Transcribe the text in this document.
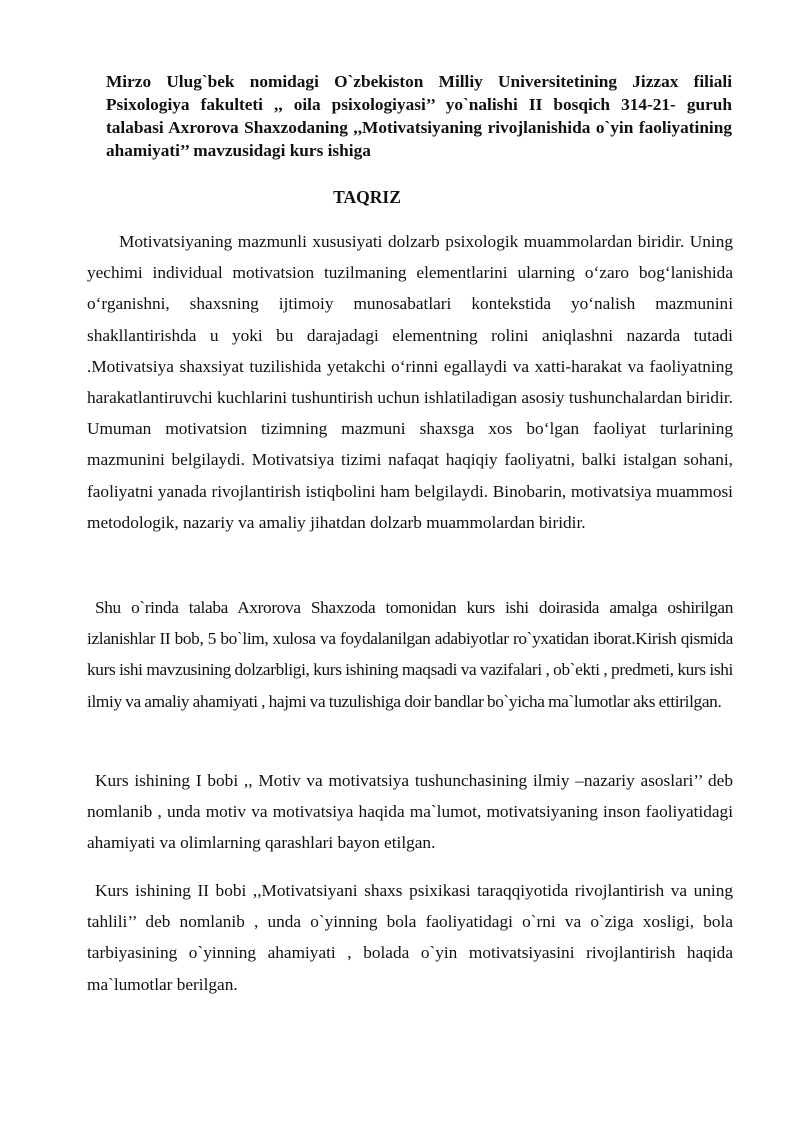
Mirzo Ulug`bek nomidagi O`zbekiston Milliy Universitetining Jizzax filiali Psixologiya fakulteti ,, oila psixologiyasi’’ yo`nalishi II bosqich 314-21- guruh talabasi Axrorova Shaxzodaning ,,Motivatsiyaning rivojlanishida o`yin faoliyatining ahamiyati’’ mavzusidagi kurs ishiga
TAQRIZ
Motivatsiyaning mazmunli xususiyati dolzarb psixologik muammolardan biridir. Uning yechimi individual motivatsion tuzilmaning elementlarini ularning o‘zaro bog‘lanishida o‘rganishni, shaxsning ijtimoiy munosabatlari kontekstida yo‘nalish mazmunini shakllantirishda u yoki bu darajadagi elementning rolini aniqlashni nazarda tutadi .Motivatsiya shaxsiyat tuzilishida yetakchi o‘rinni egallaydi va xatti-harakat va faoliyatning harakatlantiruvchi kuchlarini tushuntirish uchun ishlatiladigan asosiy tushunchalardan biridir. Umuman motivatsion tizimning mazmuni shaxsga xos bo‘lgan faoliyat turlarining mazmunini belgilaydi. Motivatsiya tizimi nafaqat haqiqiy faoliyatni, balki istalgan sohani, faoliyatni yanada rivojlantirish istiqbolini ham belgilaydi. Binobarin, motivatsiya muammosi metodologik, nazariy va amaliy jihatdan dolzarb muammolardan biridir.
Shu o`rinda talaba Axrorova Shaxzoda tomonidan kurs ishi doirasida amalga oshirilgan izlanishlar II bob, 5 bo`lim, xulosa va foydalanilgan adabiyotlar ro`yxatidan iborat.Kirish qismida kurs ishi mavzusining dolzarbligi, kurs ishining maqsadi va vazifalari , ob`ekti , predmeti, kurs ishi ilmiy va amaliy ahamiyati , hajmi va tuzulishiga doir bandlar bo`yicha ma`lumotlar aks ettirilgan.
Kurs ishining I bobi ,, Motiv va motivatsiya tushunchasining ilmiy –nazariy asoslari’’ deb nomlanib , unda motiv va motivatsiya haqida ma`lumot, motivatsiyaning inson faoliyatidagi ahamiyati va olimlarning qarashlari bayon etilgan.
Kurs ishining II bobi ,,Motivatsiyani shaxs psixikasi taraqqiyotida rivojlantirish va uning tahlili’’ deb nomlanib , unda o`yinning bola faoliyatidagi o`rni va o`ziga xosligi, bola tarbiyasining o`yinning ahamiyati , bolada o`yin motivatsiyasini rivojlantirish haqida ma`lumotlar berilgan.
